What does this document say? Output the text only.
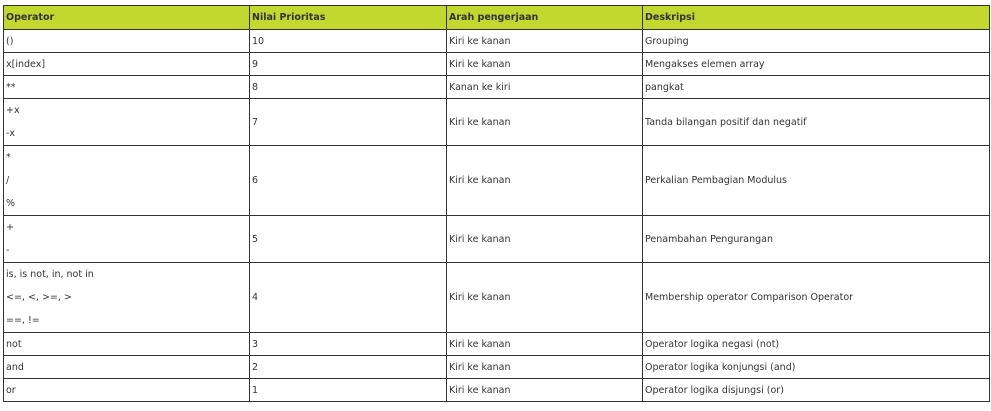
Operator	Nilai Prioritas	Arah pengerjaan	Deskripsi
()	10	Kiri ke kanan	Grouping
x[index]	9	Kiri ke kanan	Mengakses elemen array
**	8	Kanan ke kiri	pangkat

+x
-x	7	Kiri ke kanan	Tanda bilangan positif dan negatif

*
/
%	6	Kiri ke kanan	Perkalian Pembagian Modulus

+
-	5	Kiri ke kanan	Penambahan Pengurangan

is, is not, in, not in
<=, <, >=, >
==, !=	4	Kiri ke kanan	Membership operator Comparison Operator
not	3	Kiri ke kanan	Operator logika negasi (not)
and	2	Kiri ke kanan	Operator logika konjungsi (and)
or	1	Kiri ke kanan	Operator logika disjungsi (or)
